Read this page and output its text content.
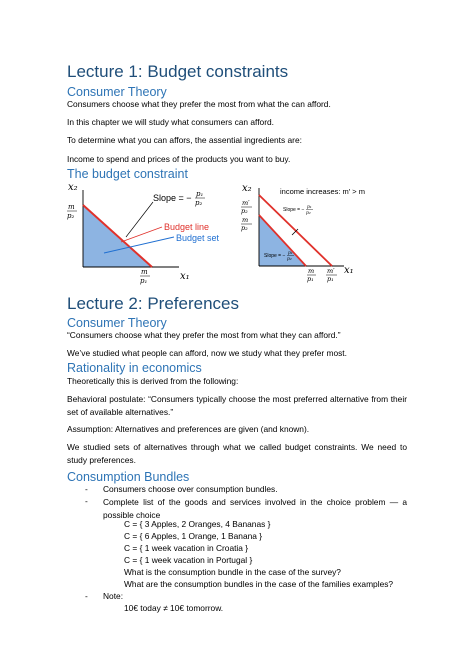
Lecture 1: Budget constraints
Consumer Theory
Consumers choose what they prefer the most from what the can afford.
In this chapter we will study what consumers can afford.
To determine what you can affors, the assential ingredients are:
Income to spend and prices of the products you want to buy.
The budget constraint
x₂
m
p₂
m
p₁	x₁
Slope = − p₁
p₂
Budget line
Budget set
x₂	income increases: m′ > m
m′
p₂
m
p₂
Slope = − p₁
p₂
Slope = − p₁
p₂
m
p₁
m′
p₁
x₁
Lecture 2: Preferences
Consumer Theory
“Consumers choose what they prefer the most from what they can afford.”
We’ve studied what people can afford, now we study what they prefer most.
Rationality in economics
Theoretically this is derived from the following:
Behavioral postulate: “Consumers typically choose the most preferred alternative from their set of available alternatives.”
Assumption: Alternatives and preferences are given (and known).
We studied sets of alternatives through what we called budget constraints. We need to study preferences.
Consumption Bundles
- Consumers choose over consumption bundles.
- Complete list of the goods and services involved in the choice problem — a possible choice
C = { 3 Apples, 2 Oranges, 4 Bananas }
C = { 6 Apples, 1 Orange, 1 Banana }
C = { 1 week vacation in Croatia }
C = { 1 week vacation in Portugal }
What is the consumption bundle in the case of the survey?
What are the consumption bundles in the case of the families examples?
- Note:
10€ today ≠ 10€ tomorrow.
